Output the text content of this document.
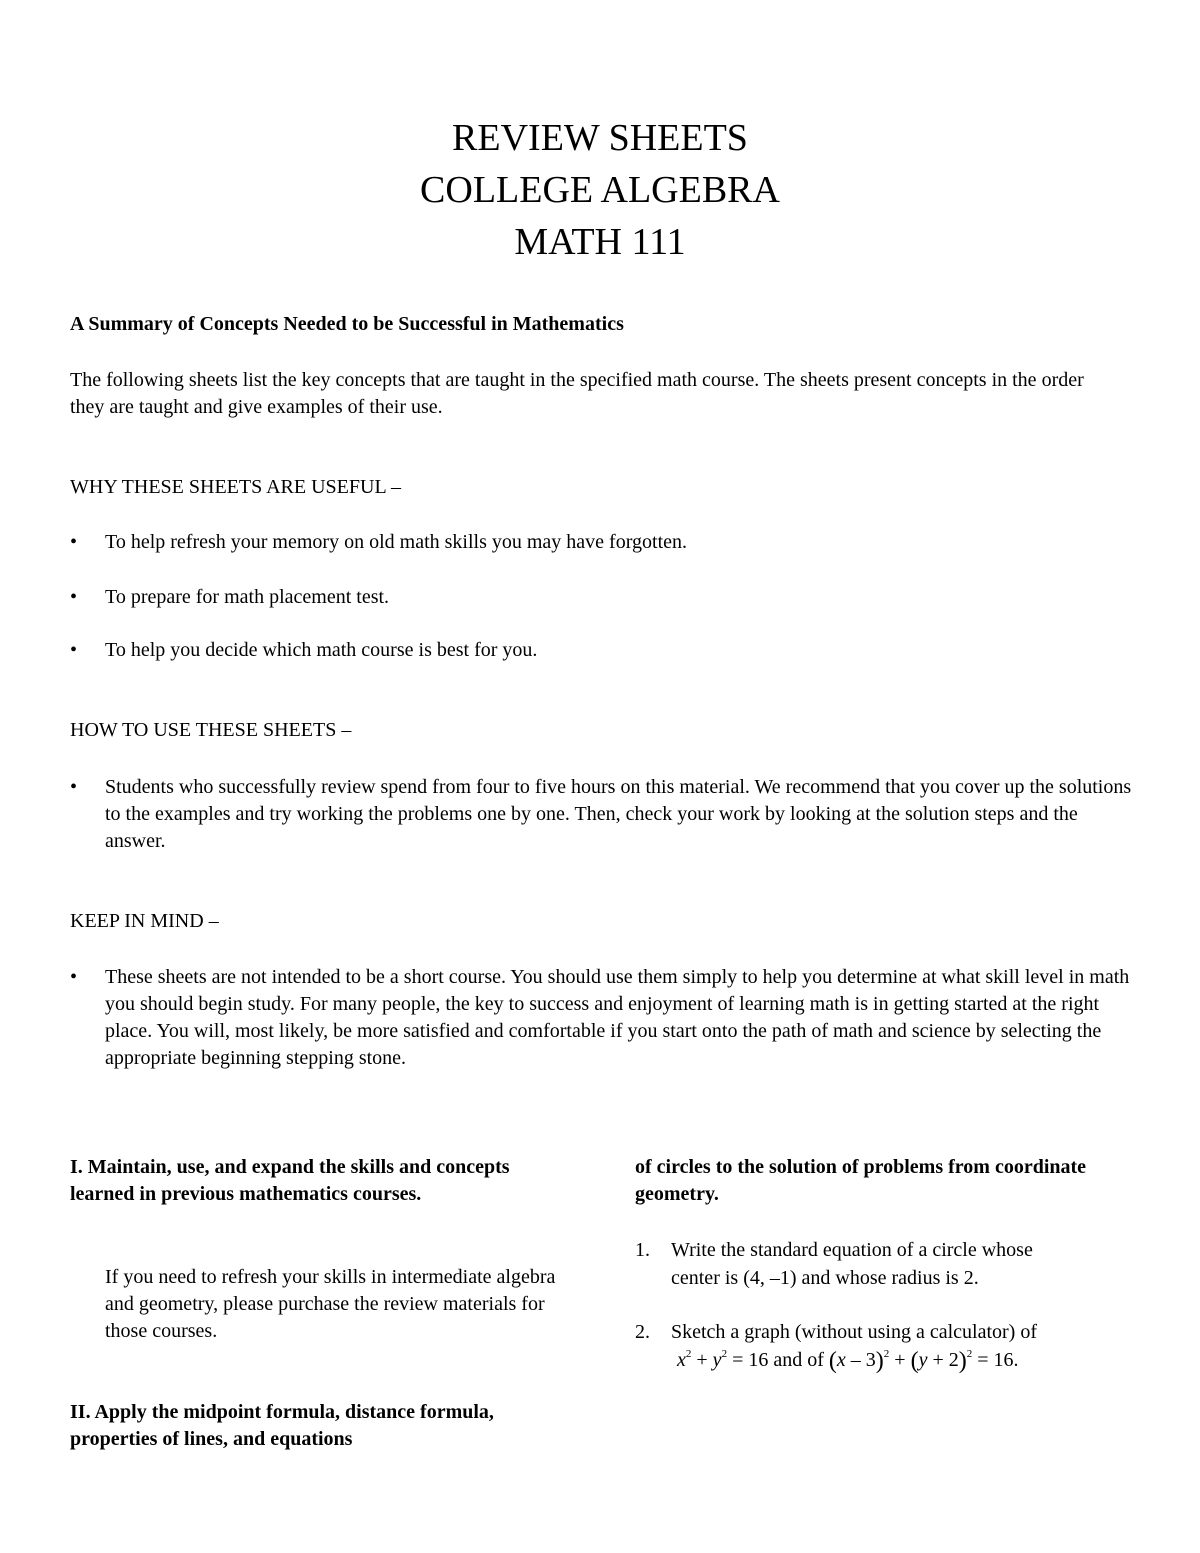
REVIEW SHEETS
COLLEGE ALGEBRA
MATH 111
A Summary of Concepts Needed to be Successful in Mathematics
The following sheets list the key concepts that are taught in the specified math course. The sheets present concepts in the order they are taught and give examples of their use.
WHY THESE SHEETS ARE USEFUL –
• To help refresh your memory on old math skills you may have forgotten.
• To prepare for math placement test.
• To help you decide which math course is best for you.
HOW TO USE THESE SHEETS –
• Students who successfully review spend from four to five hours on this material. We recommend that you cover up the solutions to the examples and try working the problems one by one. Then, check your work by looking at the solution steps and the answer.
KEEP IN MIND –
• These sheets are not intended to be a short course. You should use them simply to help you determine at what skill level in math you should begin study. For many people, the key to success and enjoyment of learning math is in getting started at the right place. You will, most likely, be more satisfied and comfortable if you start onto the path of math and science by selecting the appropriate beginning stepping stone.
I. Maintain, use, and expand the skills and concepts learned in previous mathematics courses.
If you need to refresh your skills in intermediate algebra and geometry, please purchase the review materials for those courses.
II. Apply the midpoint formula, distance formula, properties of lines, and equations
of circles to the solution of problems from coordinate geometry.
1. Write the standard equation of a circle whose
center is (4, –1) and whose radius is 2.
2. Sketch a graph (without using a calculator) of
$x^2 + y^2 = 16$ and of $(x - 3)^2 + (y + 2)^2 = 16$.
